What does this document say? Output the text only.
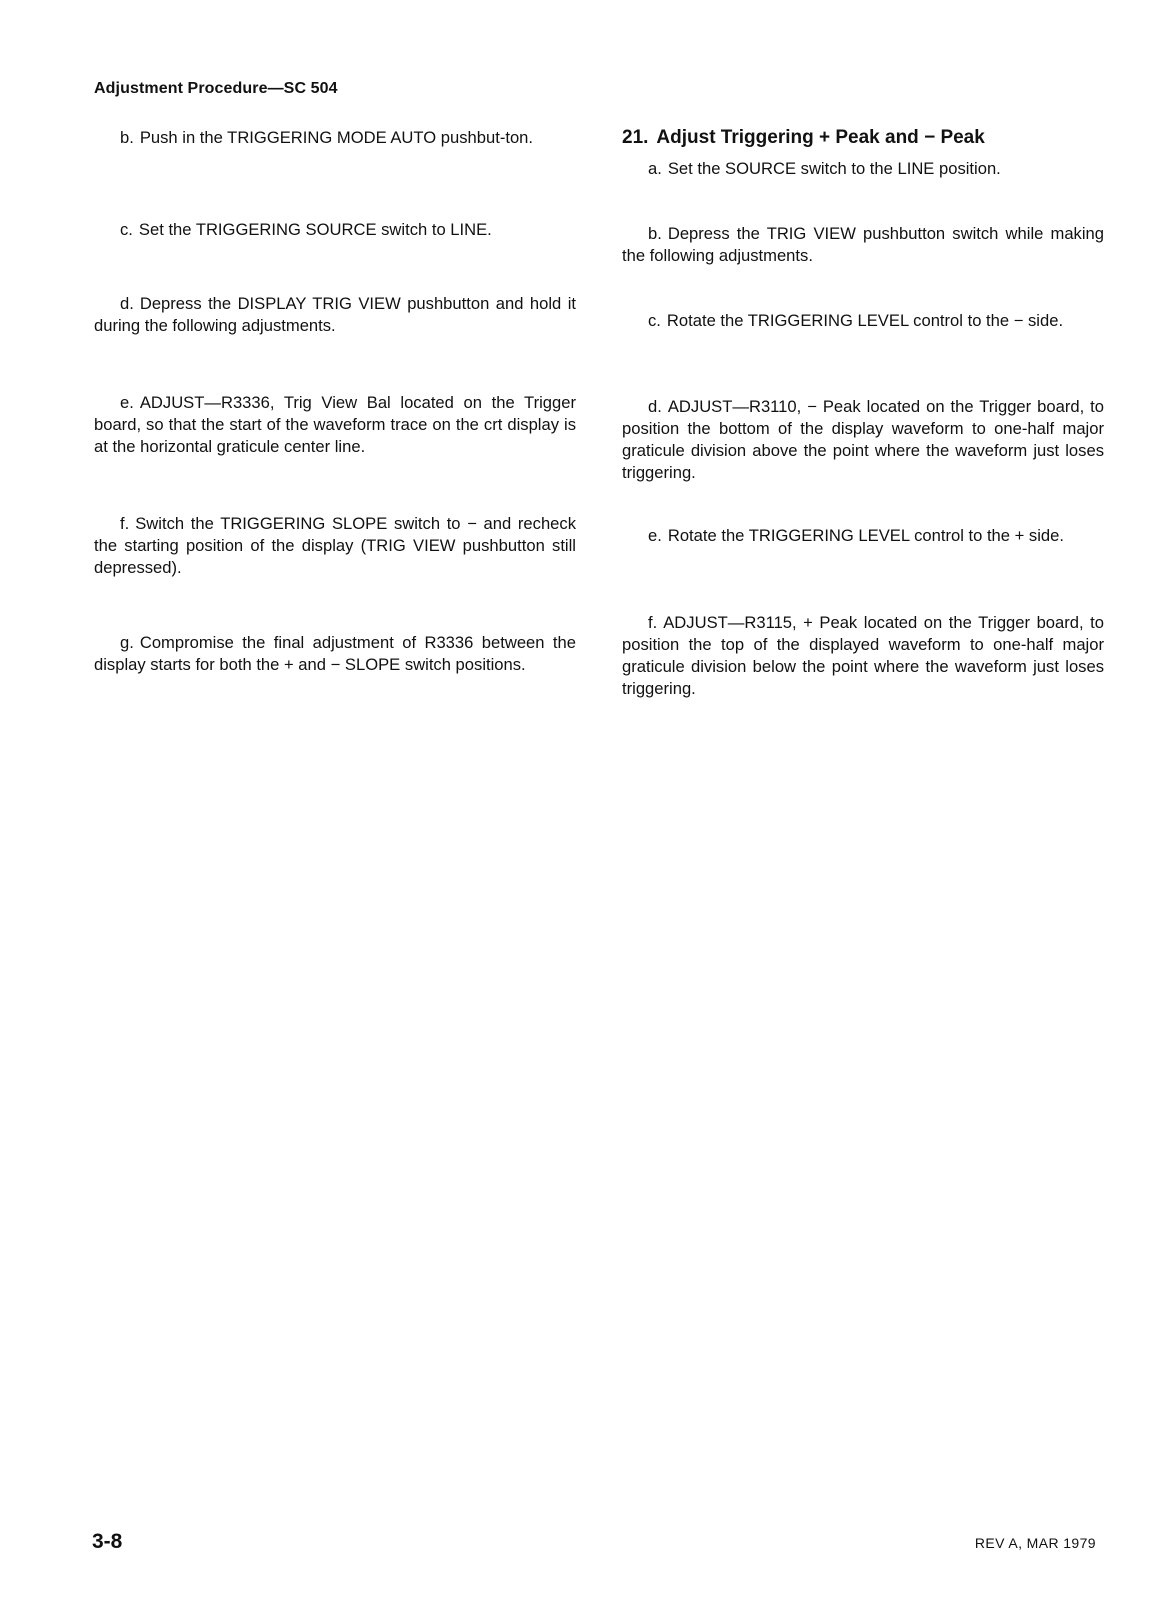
Adjustment Procedure—SC 504

b. Push in the TRIGGERING MODE AUTO pushbut-ton.

c. Set the TRIGGERING SOURCE switch to LINE.

d. Depress the DISPLAY TRIG VIEW pushbutton and hold it during the following adjustments.

e. ADJUST—R3336, Trig View Bal located on the Trigger board, so that the start of the waveform trace on the crt display is at the horizontal graticule center line.

f. Switch the TRIGGERING SLOPE switch to − and recheck the starting position of the display (TRIG VIEW pushbutton still depressed).

g. Compromise the final adjustment of R3336 between the display starts for both the + and − SLOPE switch positions.

21. Adjust Triggering + Peak and − Peak

a. Set the SOURCE switch to the LINE position.

b. Depress the TRIG VIEW pushbutton switch while making the following adjustments.

c. Rotate the TRIGGERING LEVEL control to the − side.

d. ADJUST—R3110, − Peak located on the Trigger board, to position the bottom of the display waveform to one-half major graticule division above the point where the waveform just loses triggering.

e. Rotate the TRIGGERING LEVEL control to the + side.

f. ADJUST—R3115, + Peak located on the Trigger board, to position the top of the displayed waveform to one-half major graticule division below the point where the waveform just loses triggering.

3-8	REV A, MAR 1979
